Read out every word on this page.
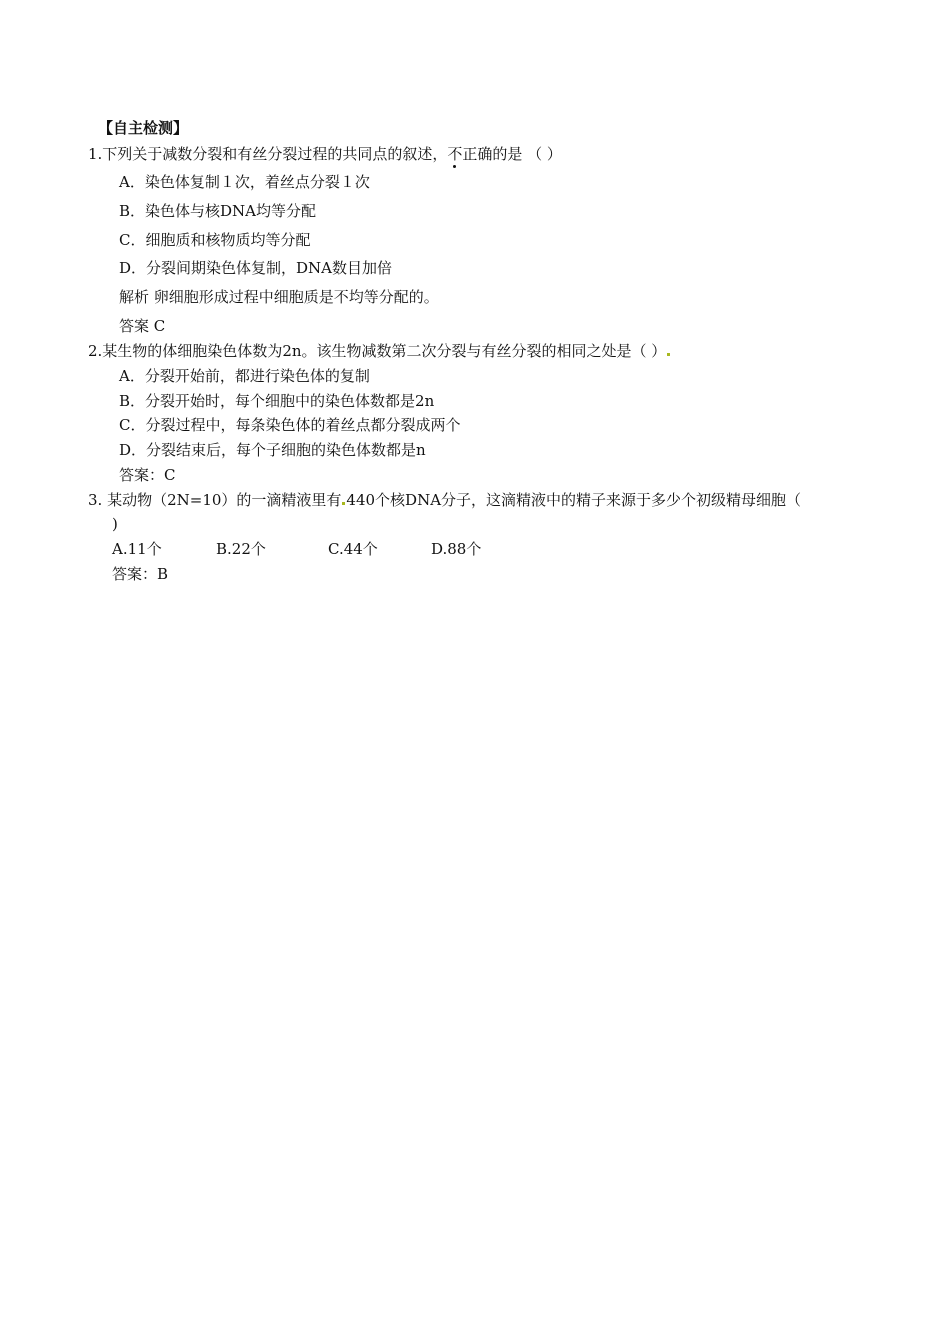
【自主检测】
1.下列关于减数分裂和有丝分裂过程的共同点的叙述，不正确的是 （ ）
A．染色体复制１次，着丝点分裂１次
B．染色体与核DNA均等分配
C．细胞质和核物质均等分配
D．分裂间期染色体复制，DNA数目加倍
解析 卵细胞形成过程中细胞质是不均等分配的。
答案 C
2.某生物的体细胞染色体数为2n。该生物减数第二次分裂与有丝分裂的相同之处是（ ）
A．分裂开始前，都进行染色体的复制
B．分裂开始时，每个细胞中的染色体数都是2n
C．分裂过程中，每条染色体的着丝点都分裂成两个
D．分裂结束后，每个子细胞的染色体数都是n
答案：C
3. 某动物（2N=10）的一滴精液里有 440个核DNA分子，这滴精液中的精子来源于多少个初级精母细胞（
)
A.11个	B.22个	C.44个	D.88个
答案：B
